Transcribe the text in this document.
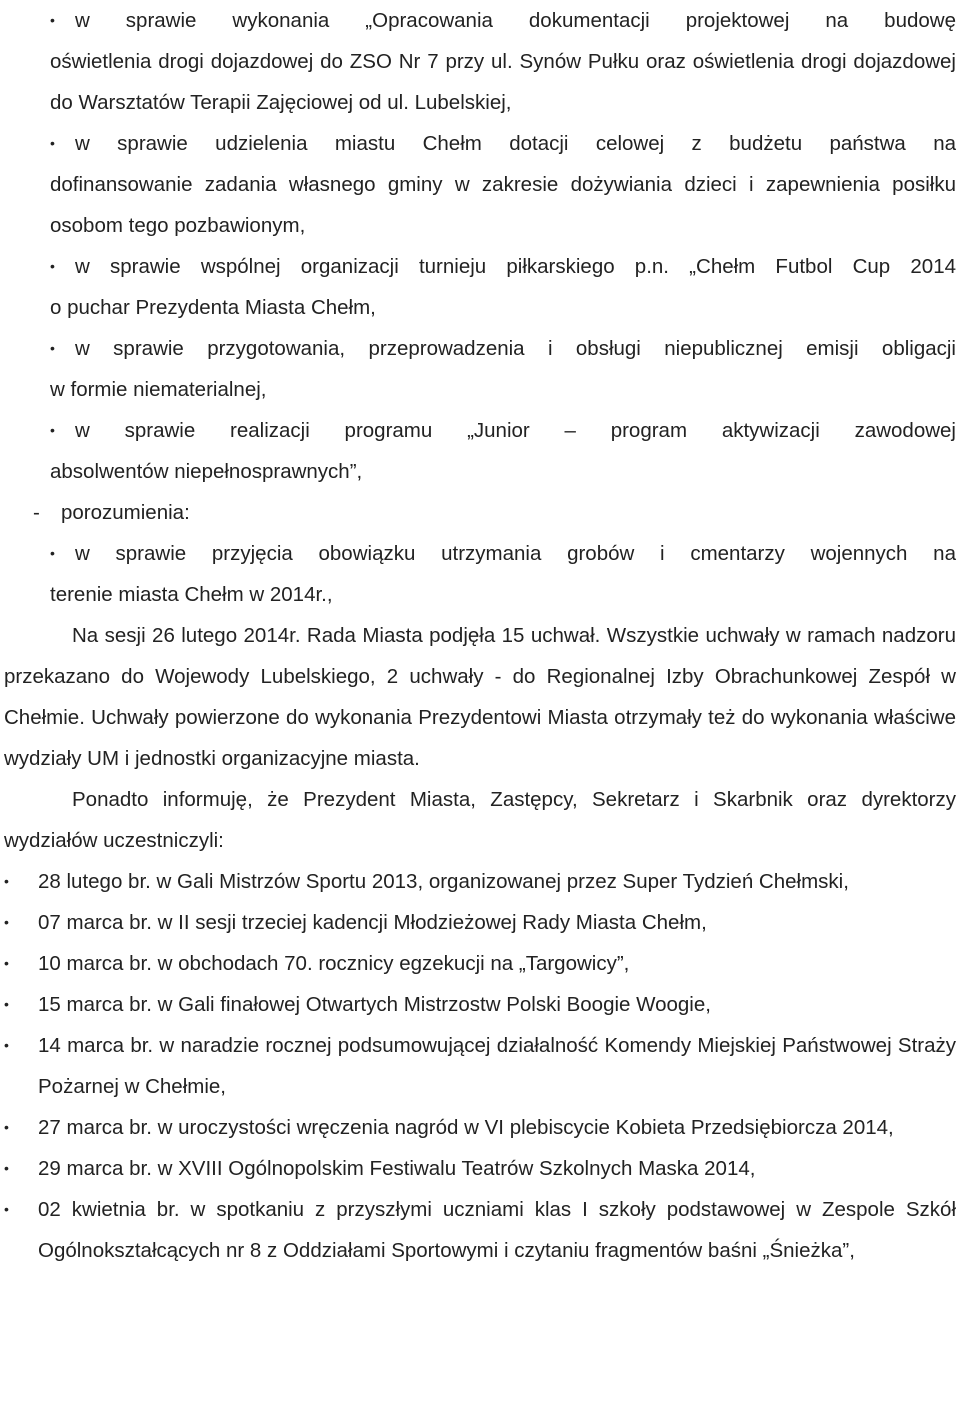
• w sprawie wykonania „Opracowania dokumentacji projektowej na budowę
oświetlenia drogi dojazdowej do ZSO Nr 7 przy ul. Synów Pułku oraz oświetlenia drogi dojazdowej do Warsztatów Terapii Zajęciowej od ul. Lubelskiej,
• w sprawie udzielenia miastu Chełm dotacji celowej z budżetu państwa na
dofinansowanie zadania własnego gminy w zakresie dożywiania dzieci i zapewnienia posiłku osobom tego pozbawionym,
• w sprawie wspólnej organizacji turnieju piłkarskiego p.n. „Chełm Futbol Cup 2014
o puchar Prezydenta Miasta Chełm,
• w sprawie przygotowania, przeprowadzenia i obsługi niepublicznej emisji obligacji
w formie niematerialnej,
• w sprawie realizacji programu „Junior – program aktywizacji zawodowej
absolwentów niepełnosprawnych”,
- porozumienia:
• w sprawie przyjęcia obowiązku utrzymania grobów i cmentarzy wojennych na
terenie miasta Chełm w 2014r.,

Na sesji 26 lutego 2014r. Rada Miasta podjęła 15 uchwał. Wszystkie uchwały w ramach nadzoru przekazano do Wojewody Lubelskiego, 2 uchwały - do Regionalnej Izby Obrachunkowej Zespół w Chełmie. Uchwały powierzone do wykonania Prezydentowi Miasta otrzymały też do wykonania właściwe wydziały UM i jednostki organizacyjne miasta.

Ponadto informuję, że Prezydent Miasta, Zastępcy, Sekretarz i Skarbnik oraz dyrektorzy wydziałów uczestniczyli:

•	28 lutego br. w Gali Mistrzów Sportu 2013, organizowanej przez Super Tydzień Chełmski,
•	07 marca br. w II sesji trzeciej kadencji Młodzieżowej Rady Miasta Chełm,
•	10 marca br. w obchodach 70. rocznicy egzekucji na „Targowicy”,
•	15 marca br. w Gali finałowej Otwartych Mistrzostw Polski Boogie Woogie,
•	14 marca br. w naradzie rocznej podsumowującej działalność Komendy Miejskiej Państwowej Straży Pożarnej w Chełmie,
•	27 marca br. w uroczystości wręczenia nagród w VI plebiscycie Kobieta Przedsiębiorcza 2014,
•	29 marca br. w XVIII Ogólnopolskim Festiwalu Teatrów Szkolnych Maska 2014,
•	02 kwietnia br. w spotkaniu z przyszłymi uczniami klas I szkoły podstawowej w Zespole Szkół Ogólnokształcących nr 8 z Oddziałami Sportowymi i czytaniu fragmentów baśni „Śnieżka”,
